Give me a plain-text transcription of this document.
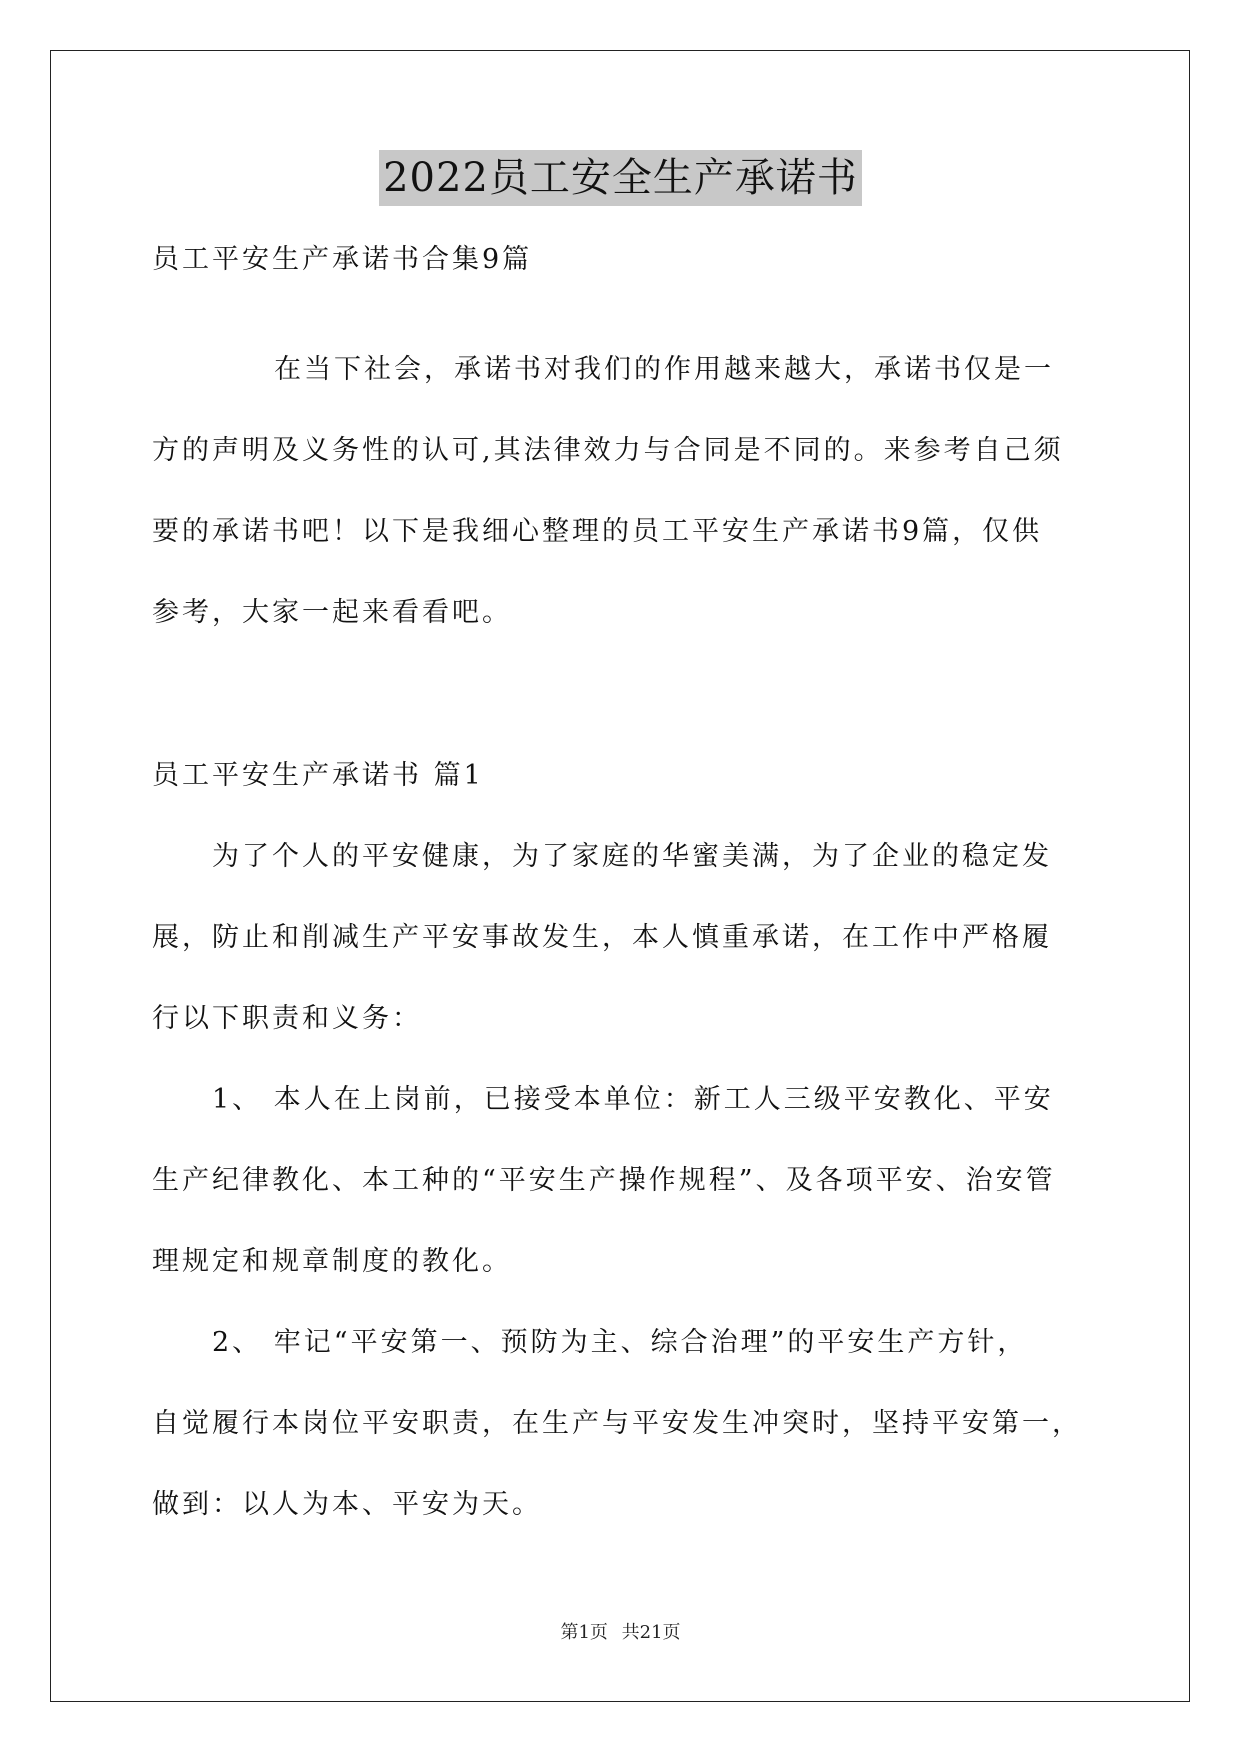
2022员工安全生产承诺书
员工平安生产承诺书合集9篇
在当下社会，承诺书对我们的作用越来越大，承诺书仅是一
方的声明及义务性的认可,其法律效力与合同是不同的。来参考自己须
要的承诺书吧！以下是我细心整理的员工平安生产承诺书9篇，仅供
参考，大家一起来看看吧。
员工平安生产承诺书 篇1
为了个人的平安健康，为了家庭的华蜜美满，为了企业的稳定发
展，防止和削减生产平安事故发生，本人慎重承诺，在工作中严格履
行以下职责和义务：
1、 本人在上岗前，已接受本单位：新工人三级平安教化、平安
生产纪律教化、本工种的“平安生产操作规程”、及各项平安、治安管
理规定和规章制度的教化。
2、 牢记“平安第一、预防为主、综合治理”的平安生产方针，
自觉履行本岗位平安职责，在生产与平安发生冲突时，坚持平安第一，
做到：以人为本、平安为天。
第1页 共21页
